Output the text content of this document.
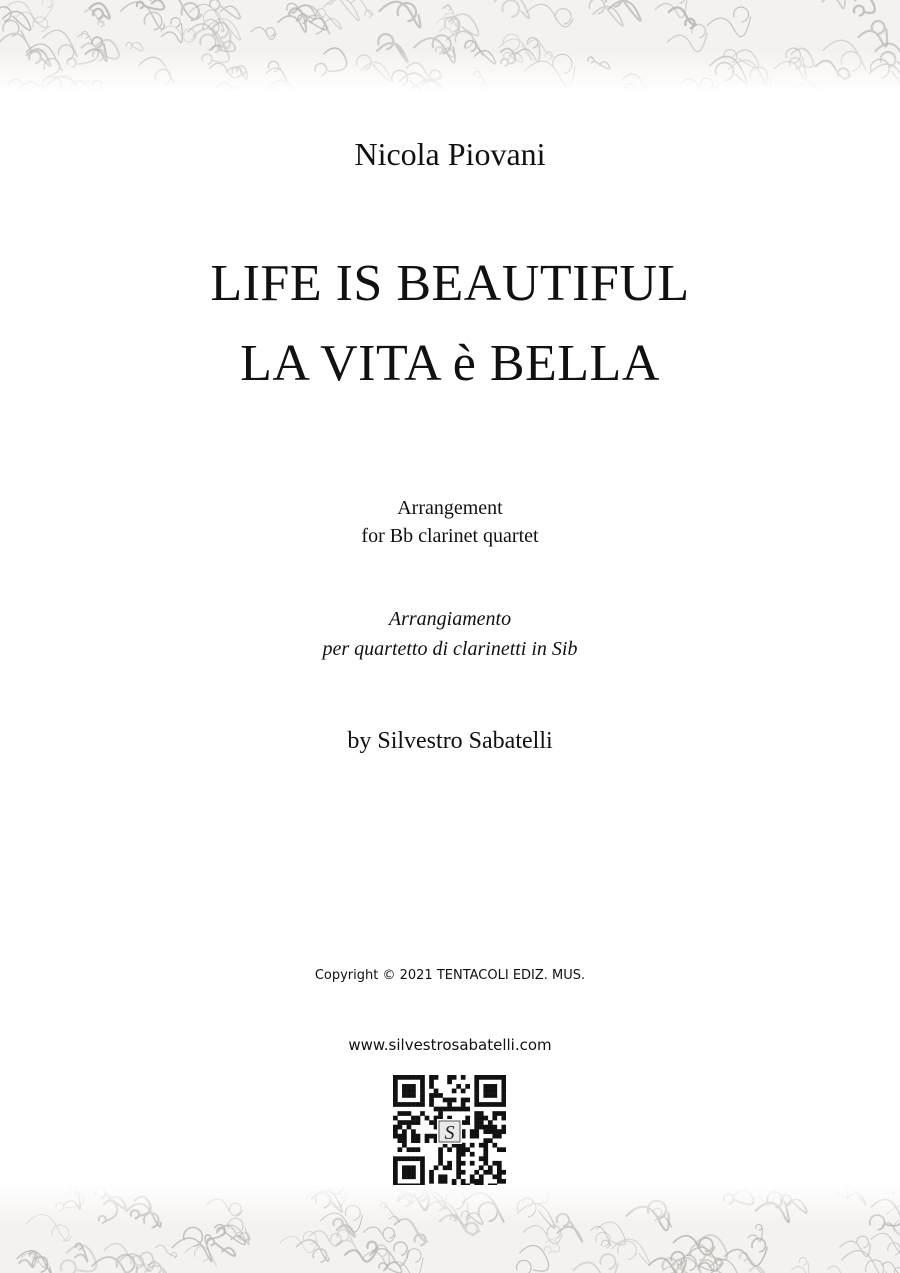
Nicola Piovani
LIFE IS BEAUTIFUL
LA VITA è BELLA
Arrangement
for Bb clarinet quartet
Arrangiamento
per quartetto di clarinetti in Sib
by Silvestro Sabatelli
Copyright © 2021 TENTACOLI EDIZ. MUS.
www.silvestrosabatelli.com
S
